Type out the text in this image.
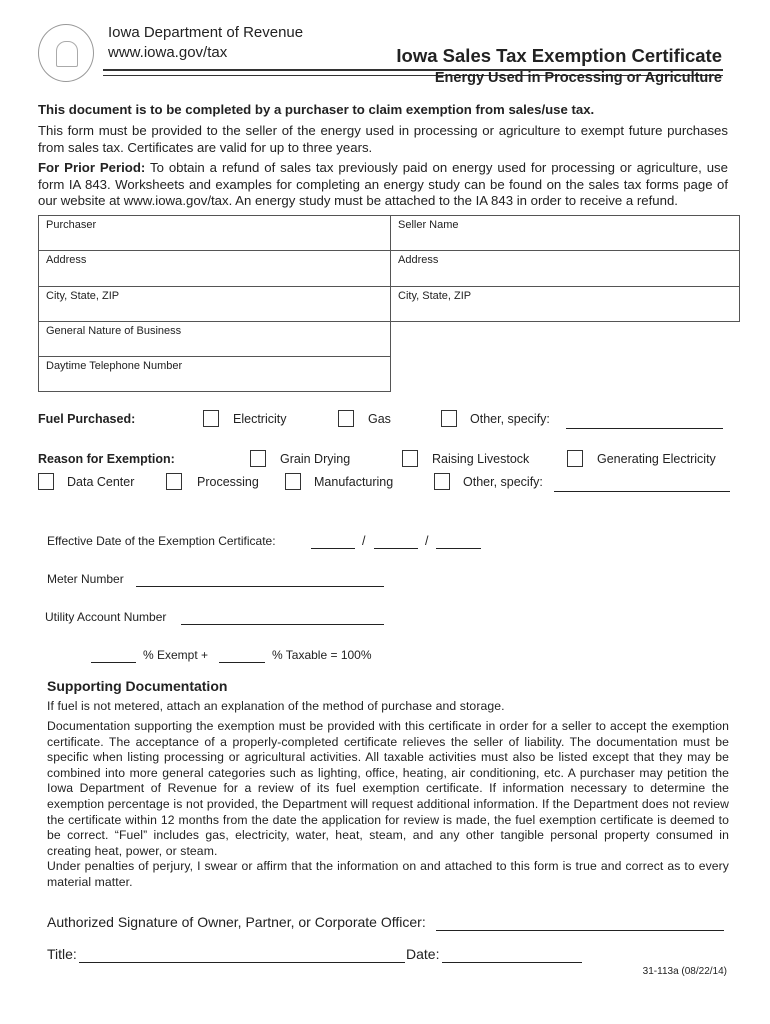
Iowa Department of Revenue
www.iowa.gov/tax	Iowa Sales Tax Exemption Certificate
Energy Used in Processing or Agriculture
This document is to be completed by a purchaser to claim exemption from sales/use tax.
This form must be provided to the seller of the energy used in processing or agriculture to exempt future purchases from sales tax. Certificates are valid for up to three years.
For Prior Period: To obtain a refund of sales tax previously paid on energy used for processing or agriculture, use form IA 843. Worksheets and examples for completing an energy study can be found on the sales tax forms page of our website at www.iowa.gov/tax. An energy study must be attached to the IA 843 in order to receive a refund.
Purchaser	Seller Name
Address	Address
City, State, ZIP	City, State, ZIP
General Nature of Business
Daytime Telephone Number
Fuel Purchased:	Electricity	Gas	Other, specify:
Reason for Exemption:	Grain Drying	Raising Livestock	Generating Electricity
Data Center	Processing	Manufacturing	Other, specify:
Effective Date of the Exemption Certificate:	/	/
Meter Number
Utility Account Number
% Exempt +	% Taxable = 100%
Supporting Documentation
If fuel is not metered, attach an explanation of the method of purchase and storage.
Documentation supporting the exemption must be provided with this certificate in order for a seller to accept the exemption certificate. The acceptance of a properly-completed certificate relieves the seller of liability. The documentation must be specific when listing processing or agricultural activities. All taxable activities must also be listed except that they may be combined into more general categories such as lighting, office, heating, air conditioning, etc. A purchaser may petition the Iowa Department of Revenue for a review of its fuel exemption certificate. If information necessary to determine the exemption percentage is not provided, the Department will request additional information. If the Department does not review the certificate within 12 months from the date the application for review is made, the fuel exemption certificate is deemed to be correct. “Fuel” includes gas, electricity, water, heat, steam, and any other tangible personal property consumed in creating heat, power, or steam.
Under penalties of perjury, I swear or affirm that the information on and attached to this form is true and correct as to every material matter.
Authorized Signature of Owner, Partner, or Corporate Officer:
Title:	Date:
31-113a (08/22/14)
